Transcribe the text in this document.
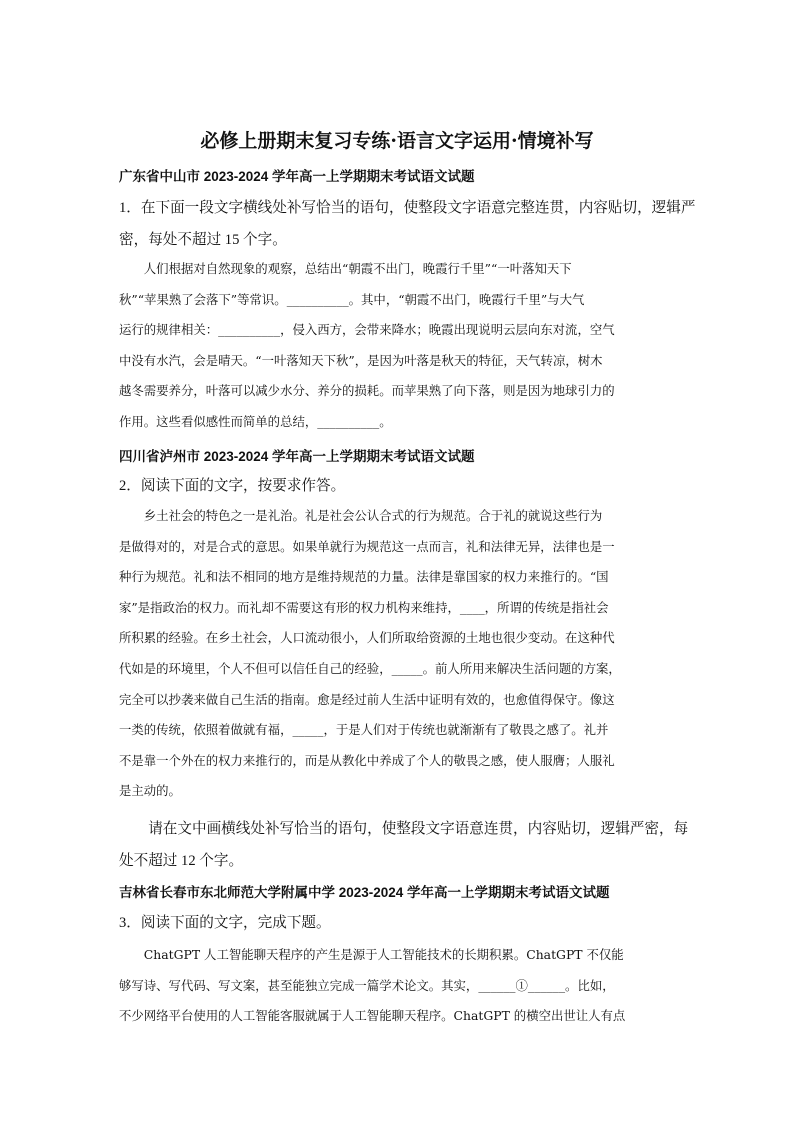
必修上册期末复习专练·语言文字运用·情境补写
广东省中山市 2023-2024 学年高一上学期期末考试语文试题
1．在下面一段文字横线处补写恰当的语句，使整段文字语意完整连贯，内容贴切，逻辑严
密，每处不超过 15 个字。
人们根据对自然现象的观察，总结出“朝霞不出门，晚霞行千里”“一叶落知天下
秋”“苹果熟了会落下”等常识。__________。其中，“朝霞不出门，晚霞行千里”与大气
运行的规律相关：__________，侵入西方，会带来降水；晚霞出现说明云层向东对流，空气
中没有水汽，会是晴天。“一叶落知天下秋”，是因为叶落是秋天的特征，天气转凉，树木
越冬需要养分，叶落可以减少水分、养分的损耗。而苹果熟了向下落，则是因为地球引力的
作用。这些看似感性而简单的总结，__________。
四川省泸州市 2023-2024 学年高一上学期期末考试语文试题
2．阅读下面的文字，按要求作答。
乡土社会的特色之一是礼治。礼是社会公认合式的行为规范。合于礼的就说这些行为
是做得对的，对是合式的意思。如果单就行为规范这一点而言，礼和法律无异，法律也是一
种行为规范。礼和法不相同的地方是维持规范的力量。法律是靠国家的权力来推行的。“国
家”是指政治的权力。而礼却不需要这有形的权力机构来维持，____，所谓的传统是指社会
所积累的经验。在乡土社会，人口流动很小，人们所取给资源的土地也很少变动。在这种代
代如是的环境里，个人不但可以信任自己的经验，_____。前人所用来解决生活问题的方案，
完全可以抄袭来做自己生活的指南。愈是经过前人生活中证明有效的，也愈值得保守。像这
一类的传统，依照着做就有福，_____，于是人们对于传统也就渐渐有了敬畏之感了。礼并
不是靠一个外在的权力来推行的，而是从教化中养成了个人的敬畏之感，使人服膺；人服礼
是主动的。
请在文中画横线处补写恰当的语句，使整段文字语意连贯，内容贴切，逻辑严密，每
处不超过 12 个字。
吉林省长春市东北师范大学附属中学 2023-2024 学年高一上学期期末考试语文试题
3．阅读下面的文字，完成下题。
ChatGPT 人工智能聊天程序的产生是源于人工智能技术的长期积累。ChatGPT 不仅能
够写诗、写代码、写文案，甚至能独立完成一篇学术论文。其实，______①______。比如，
不少网络平台使用的人工智能客服就属于人工智能聊天程序。ChatGPT 的横空出世让人有点
